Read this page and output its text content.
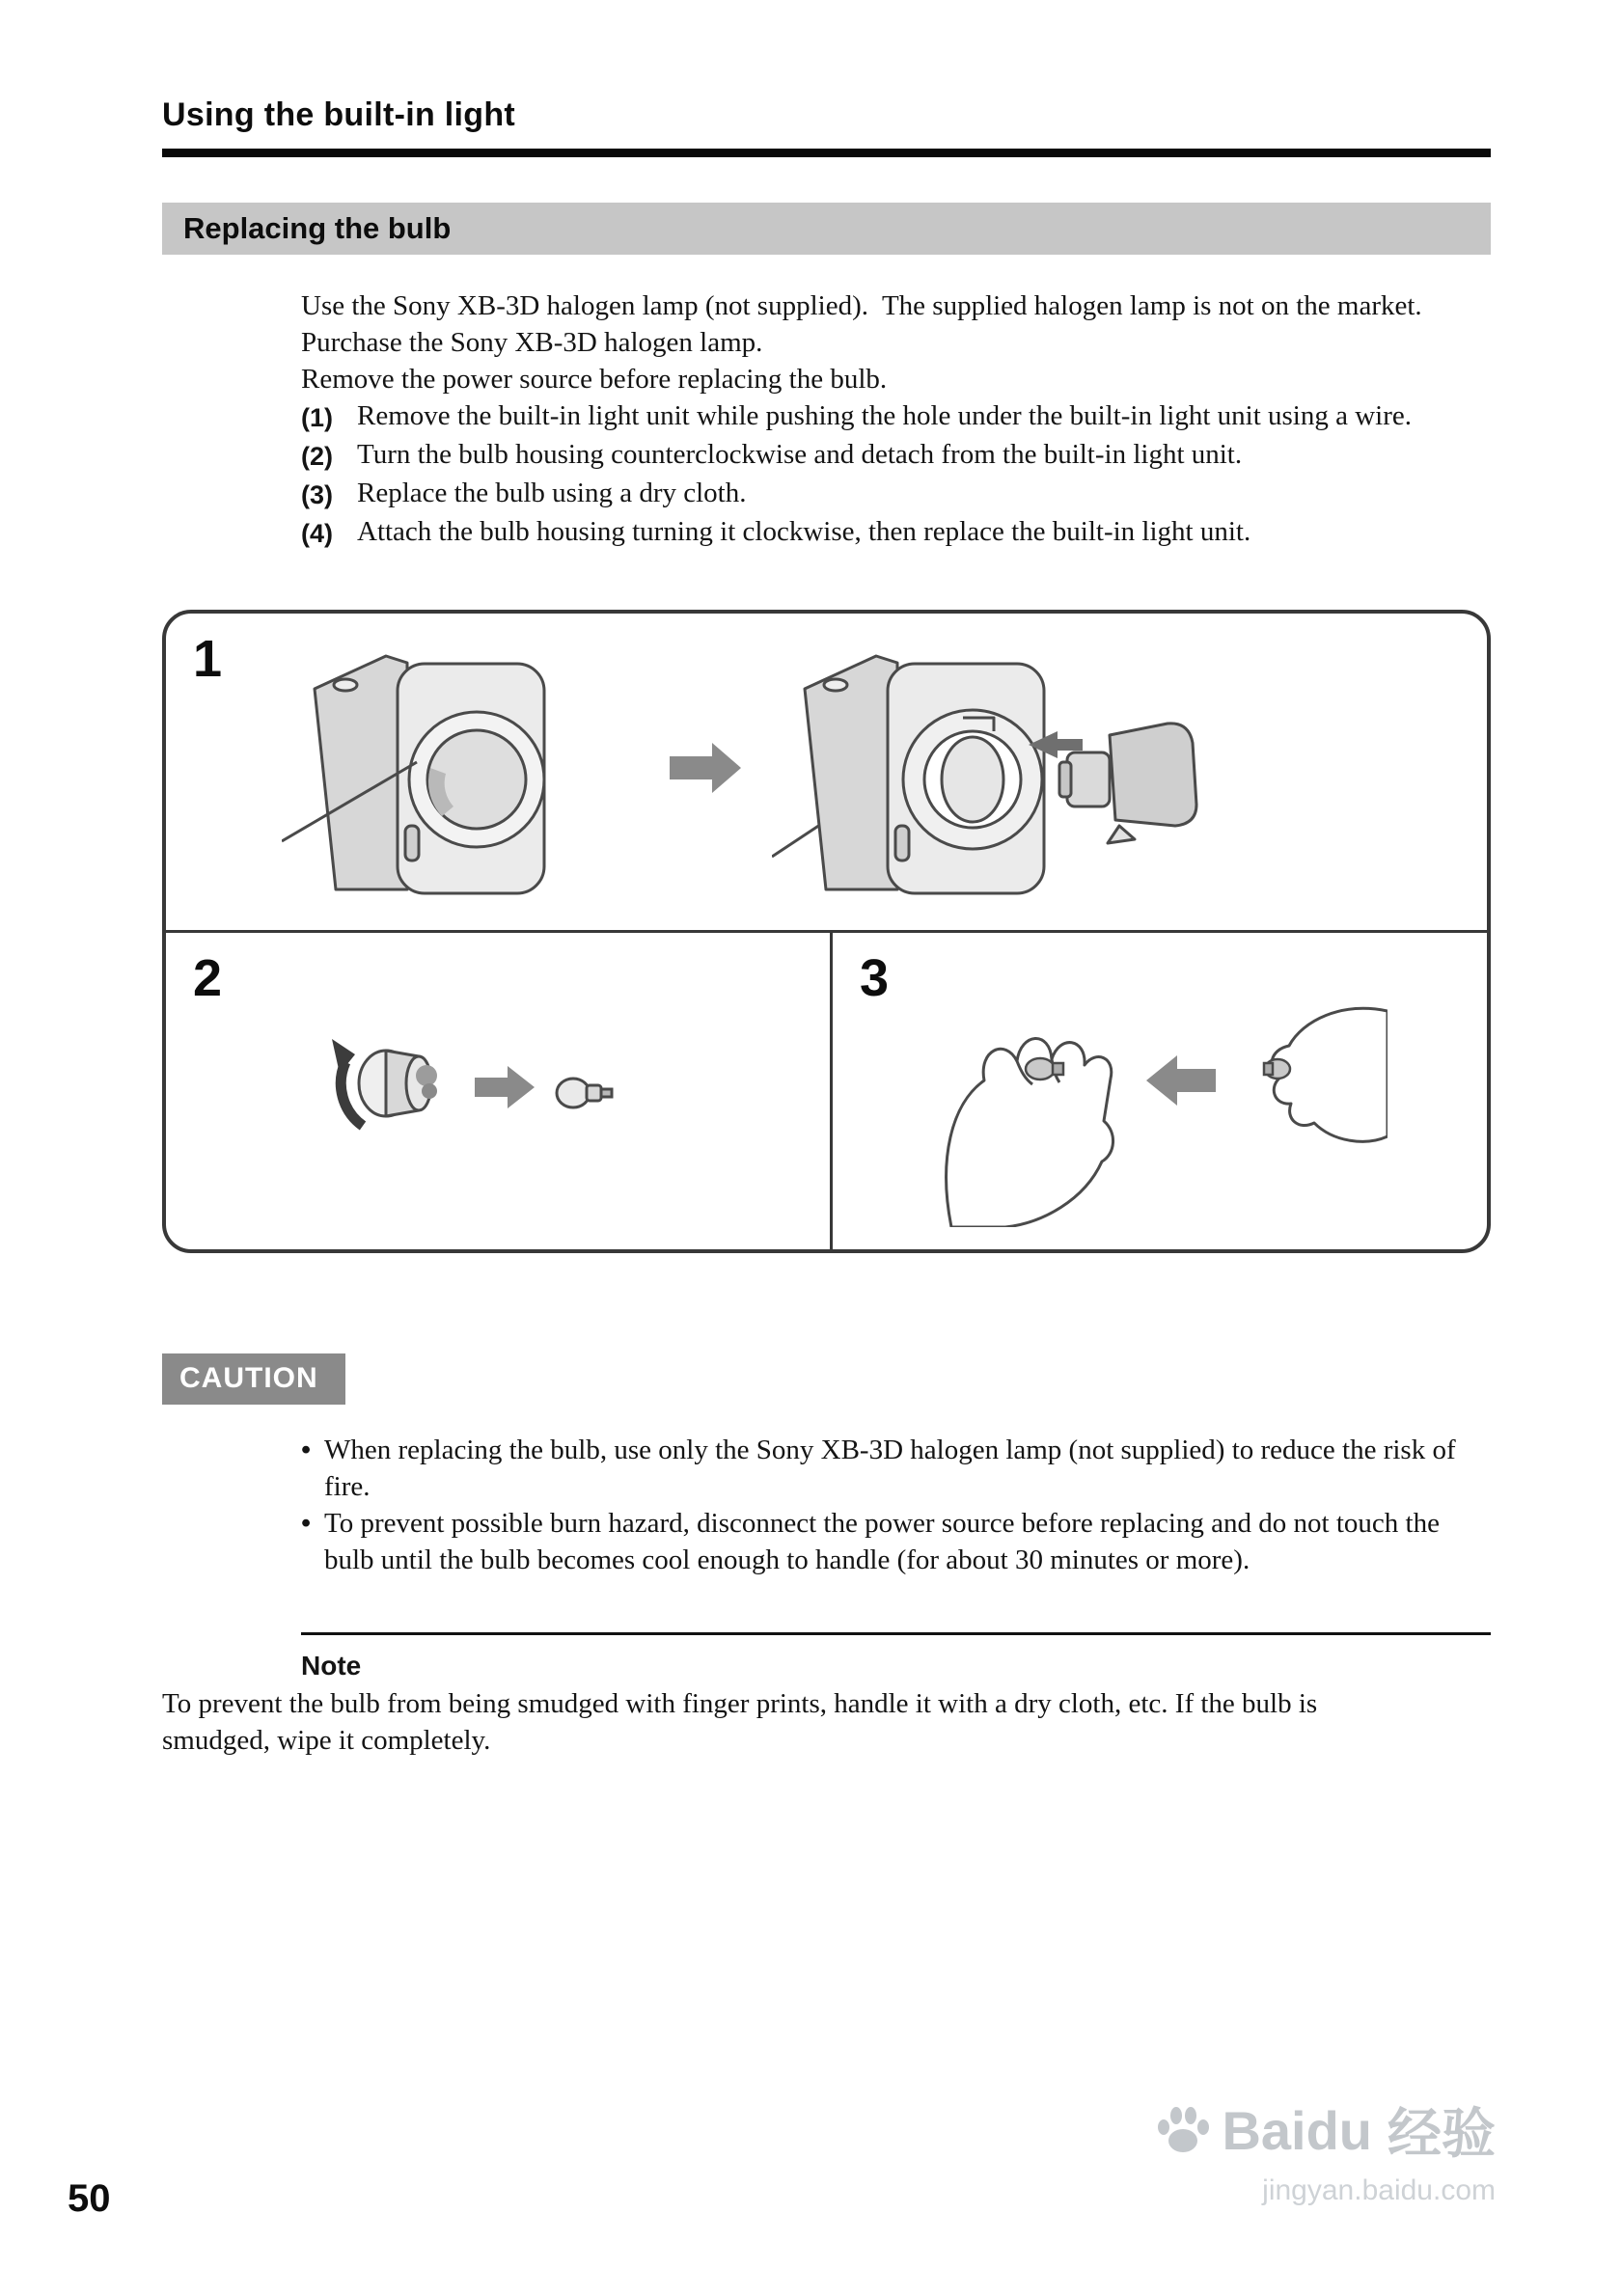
Using the built-in light
Replacing the bulb

Use the Sony XB-3D halogen lamp (not supplied).  The supplied halogen lamp is not on the market.  Purchase the Sony XB-3D halogen lamp.

Remove the power source before replacing the bulb.

(1) Remove the built-in light unit while pushing the hole under the built-in light unit using a wire.
(2) Turn the bulb housing counterclockwise and detach from the built-in light unit.
(3) Replace the bulb using a dry cloth.
(4) Attach the bulb housing turning it clockwise, then replace the built-in light unit.
1
2	3
CAUTION
• When replacing the bulb, use only the Sony XB-3D halogen lamp (not supplied) to reduce the risk of fire.
• To prevent possible burn hazard, disconnect the power source before replacing and do not touch the bulb until the bulb becomes cool enough to handle (for about 30 minutes or more).
Note

To prevent the bulb from being smudged with finger prints, handle it with a dry cloth, etc. If the bulb is smudged, wipe it completely.

50
Baidu 经验
jingyan.baidu.com
